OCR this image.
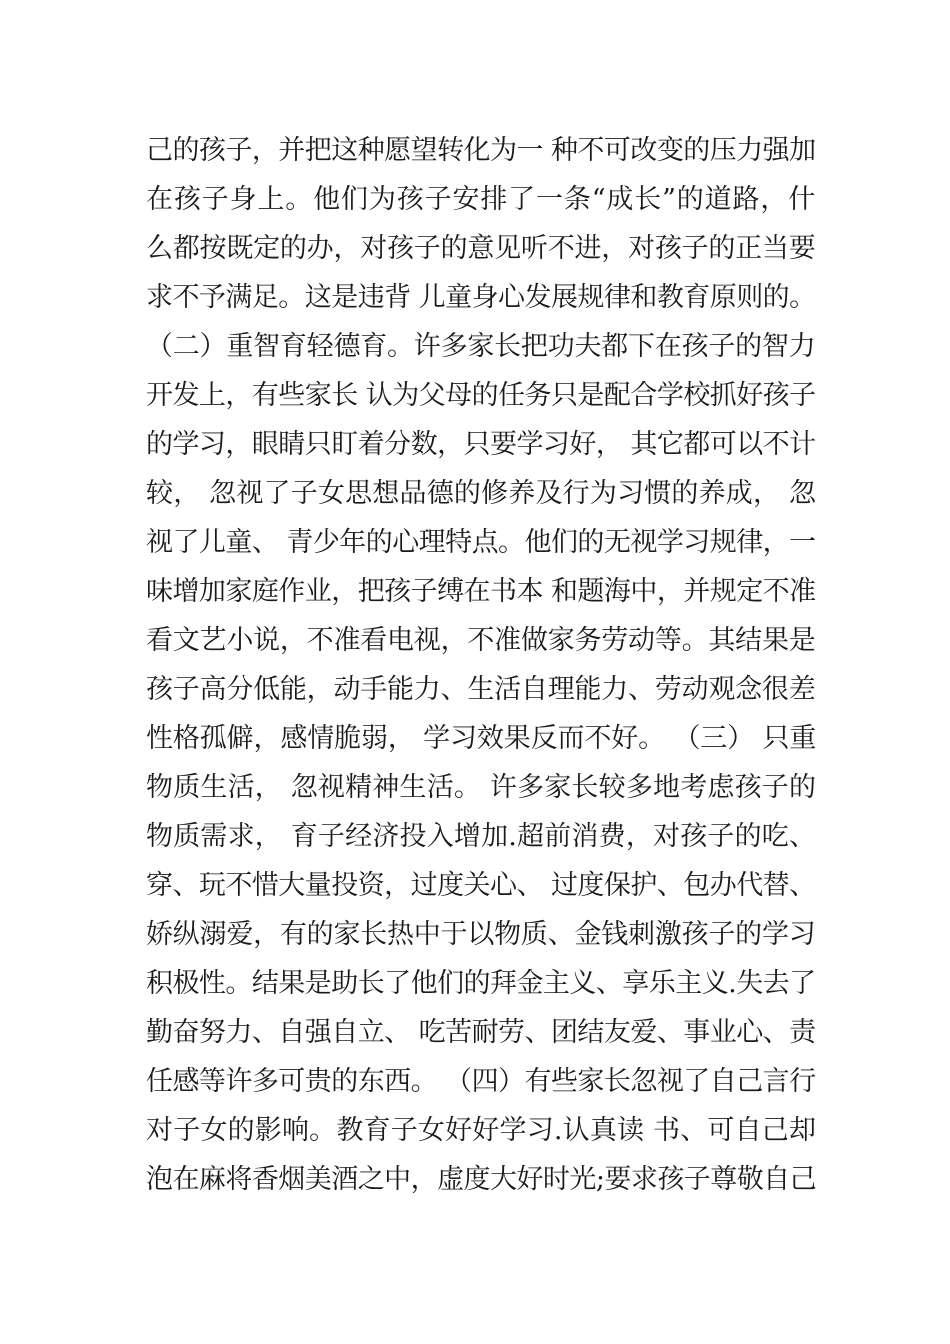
己的孩子，并把这种愿望转化为一 种不可改变的压力强加
在孩子身上。他们为孩子安排了一条“成长”的道路，什
么都按既定的办，对孩子的意见听不进，对孩子的正当要
求不予满足。这是违背 儿童身心发展规律和教育原则的。
（二）重智育轻德育。许多家长把功夫都下在孩子的智力
开发上，有些家长 认为父母的任务只是配合学校抓好孩子
的学习，眼睛只盯着分数，只要学习好， 其它都可以不计
较， 忽视了子女思想品德的修养及行为习惯的养成， 忽
视了儿童、 青少年的心理特点。他们的无视学习规律，一
味增加家庭作业，把孩子缚在书本 和题海中，并规定不准
看文艺小说，不准看电视，不准做家务劳动等。其结果是
孩子高分低能，动手能力、生活自理能力、劳动观念很差
性格孤僻，感情脆弱， 学习效果反而不好。 （三） 只重
物质生活， 忽视精神生活。 许多家长较多地考虑孩子的
物质需求， 育子经济投入增加.超前消费，对孩子的吃、
穿、玩不惜大量投资，过度关心、 过度保护、包办代替、
娇纵溺爱，有的家长热中于以物质、金钱刺激孩子的学习
积极性。结果是助长了他们的拜金主义、享乐主义.失去了
勤奋努力、自强自立、 吃苦耐劳、团结友爱、事业心、责
任感等许多可贵的东西。 （四）有些家长忽视了自己言行
对子女的影响。教育子女好好学习.认真读 书、可自己却
泡在麻将香烟美酒之中，虚度大好时光;要求孩子尊敬自己
